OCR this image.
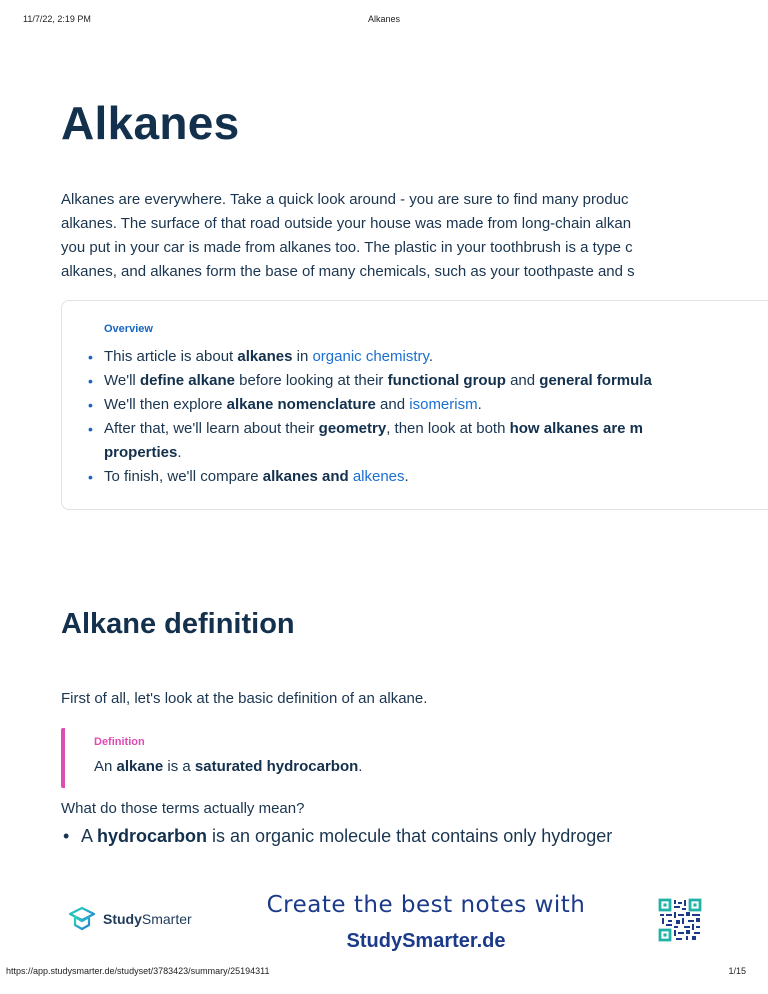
11/7/22, 2:19 PM	Alkanes
Alkanes

Alkanes are everywhere. Take a quick look around - you are sure to find many produc

alkanes. The surface of that road outside your house was made from long-chain alkan

you put in your car is made from alkanes too. The plastic in your toothbrush is a type c

alkanes, and alkanes form the base of many chemicals, such as your toothpaste and s

Overview
• This article is about alkanes in organic chemistry.
• We'll define alkane before looking at their functional group and general formula
• We'll then explore alkane nomenclature and isomerism.
• After that, we'll learn about their geometry, then look at both how alkanes are m
properties.
• To finish, we'll compare alkanes and alkenes.
Alkane definition
First of all, let's look at the basic definition of an alkane.
Definition
An alkane is a saturated hydrocarbon.
What do those terms actually mean?
• A hydrocarbon is an organic molecule that contains only hydroger
StudySmarter
Create the best notes with
StudySmarter.de
https://app.studysmarter.de/studyset/3783423/summary/25194311	1/15
